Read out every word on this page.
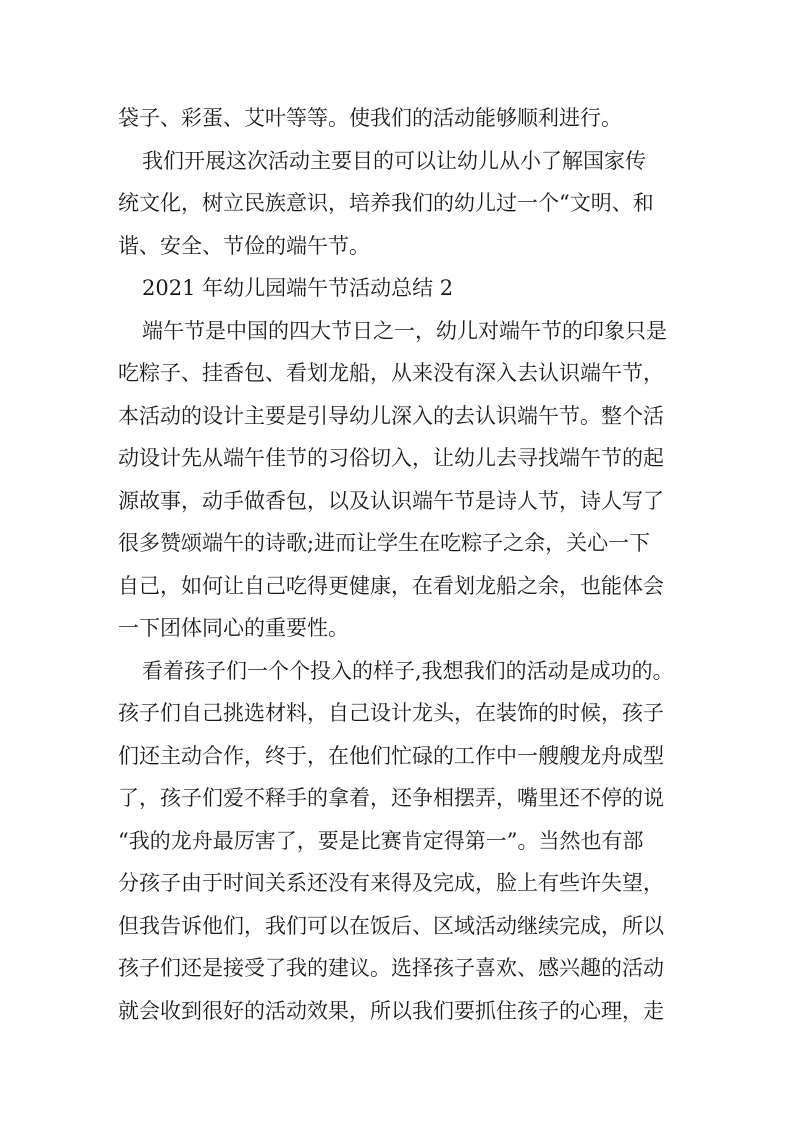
袋子、彩蛋、艾叶等等。使我们的活动能够顺利进行。
我们开展这次活动主要目的可以让幼儿从小了解国家传
统文化，树立民族意识，培养我们的幼儿过一个“文明、和
谐、安全、节俭的端午节。
2021 年幼儿园端午节活动总结 2
端午节是中国的四大节日之一，幼儿对端午节的印象只是
吃粽子、挂香包、看划龙船，从来没有深入去认识端午节，
本活动的设计主要是引导幼儿深入的去认识端午节。整个活
动设计先从端午佳节的习俗切入，让幼儿去寻找端午节的起
源故事，动手做香包，以及认识端午节是诗人节，诗人写了
很多赞颂端午的诗歌;进而让学生在吃粽子之余，关心一下
自己，如何让自己吃得更健康，在看划龙船之余，也能体会
一下团体同心的重要性。
看着孩子们一个个投入的样子,我想我们的活动是成功的。
孩子们自己挑选材料，自己设计龙头，在装饰的时候，孩子
们还主动合作，终于，在他们忙碌的工作中一艘艘龙舟成型
了，孩子们爱不释手的拿着，还争相摆弄，嘴里还不停的说
“我的龙舟最厉害了，要是比赛肯定得第一”。当然也有部
分孩子由于时间关系还没有来得及完成，脸上有些许失望，
但我告诉他们，我们可以在饭后、区域活动继续完成，所以
孩子们还是接受了我的建议。选择孩子喜欢、感兴趣的活动
就会收到很好的活动效果，所以我们要抓住孩子的心理，走
